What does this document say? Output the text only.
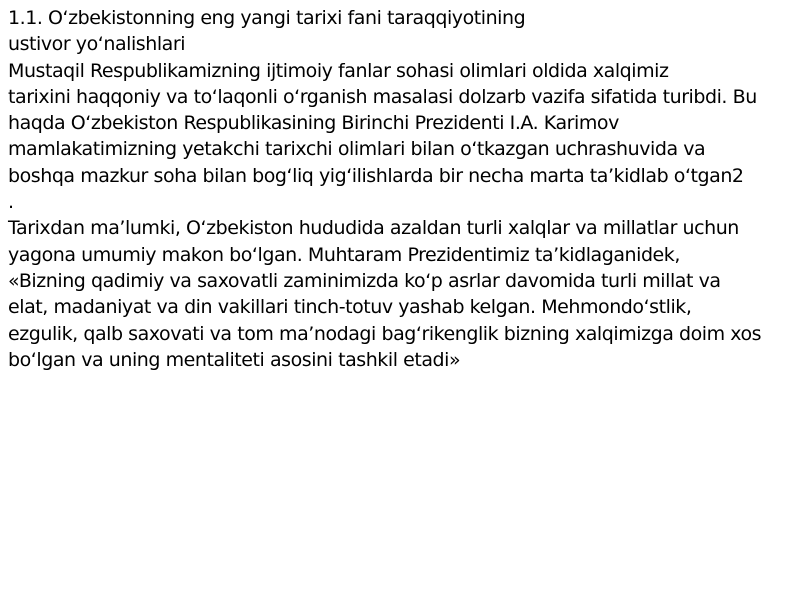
1.1. O‘zbekistonning eng yangi tarixi fani taraqqiyotining
ustivor yo‘nalishlari
Mustaqil Respublikamizning ijtimoiy fanlar sohasi olimlari oldida xalqimiz
tarixini haqqoniy va to‘laqonli o‘rganish masalasi dolzarb vazifa sifatida turibdi. Bu
haqda O‘zbekiston Respublikasining Birinchi Prezidenti I.A. Karimov
mamlakatimizning yetakchi tarixchi olimlari bilan o‘tkazgan uchrashuvida va
boshqa mazkur soha bilan bog‘liq yig‘ilishlarda bir necha marta ta’kidlab o‘tgan2
.
Tarixdan ma’lumki, O‘zbekiston hududida azaldan turli xalqlar va millatlar uchun
yagona umumiy makon bo‘lgan. Muhtaram Prezidentimiz ta’kidlaganidek,
«Bizning qadimiy va saxovatli zaminimizda ko‘p asrlar davomida turli millat va
elat, madaniyat va din vakillari tinch-totuv yashab kelgan. Mehmondo‘stlik,
ezgulik, qalb saxovati va tom ma’nodagi bag‘rikenglik bizning xalqimizga doim xos
bo‘lgan va uning mentaliteti asosini tashkil etadi»
